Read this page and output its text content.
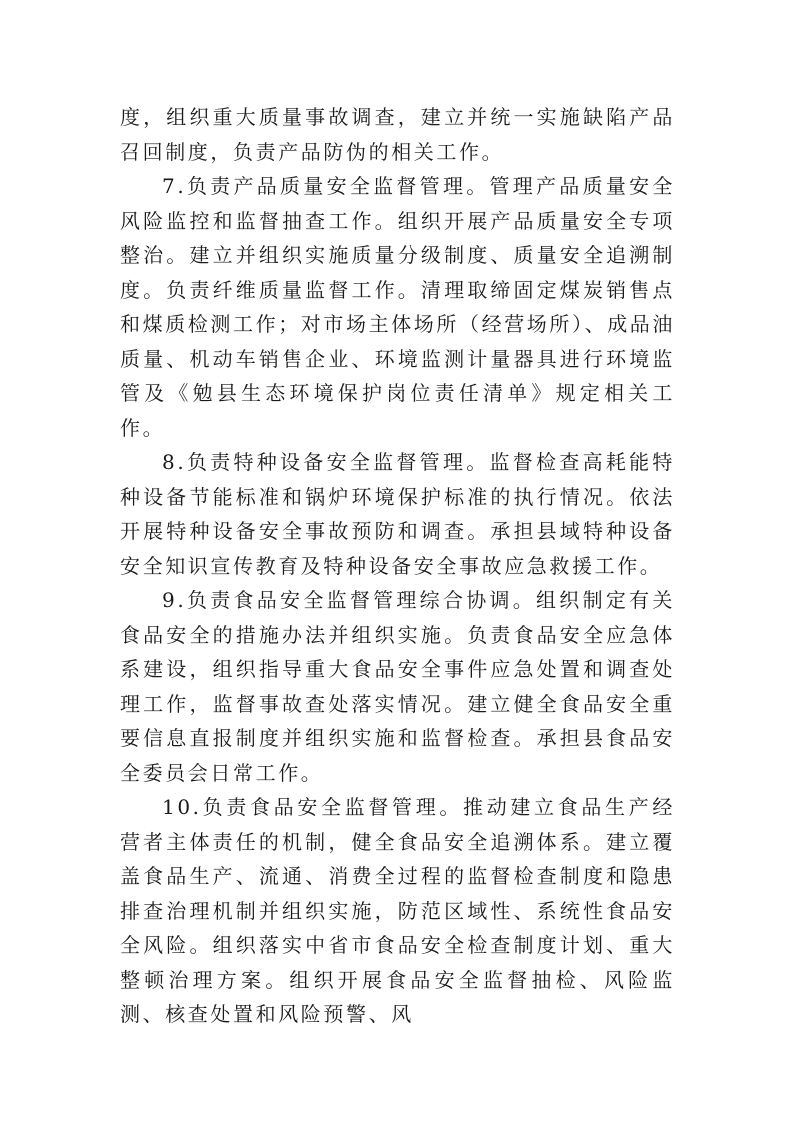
度，组织重大质量事故调查，建立并统一实施缺陷产品召回制度，负责产品防伪的相关工作。

7.负责产品质量安全监督管理。管理产品质量安全风险监控和监督抽查工作。组织开展产品质量安全专项整治。建立并组织实施质量分级制度、质量安全追溯制度。负责纤维质量监督工作。清理取缔固定煤炭销售点和煤质检测工作；对市场主体场所（经营场所）、成品油质量、机动车销售企业、环境监测计量器具进行环境监管及《勉县生态环境保护岗位责任清单》规定相关工作。

8.负责特种设备安全监督管理。监督检查高耗能特种设备节能标准和锅炉环境保护标准的执行情况。依法开展特种设备安全事故预防和调查。承担县域特种设备安全知识宣传教育及特种设备安全事故应急救援工作。

9.负责食品安全监督管理综合协调。组织制定有关食品安全的措施办法并组织实施。负责食品安全应急体系建设，组织指导重大食品安全事件应急处置和调查处理工作，监督事故查处落实情况。建立健全食品安全重要信息直报制度并组织实施和监督检查。承担县食品安全委员会日常工作。

10.负责食品安全监督管理。推动建立食品生产经营者主体责任的机制，健全食品安全追溯体系。建立覆盖食品生产、流通、消费全过程的监督检查制度和隐患排查治理机制并组织实施，防范区域性、系统性食品安全风险。组织落实中省市食品安全检查制度计划、重大整顿治理方案。组织开展食品安全监督抽检、风险监测、核查处置和风险预警、风
